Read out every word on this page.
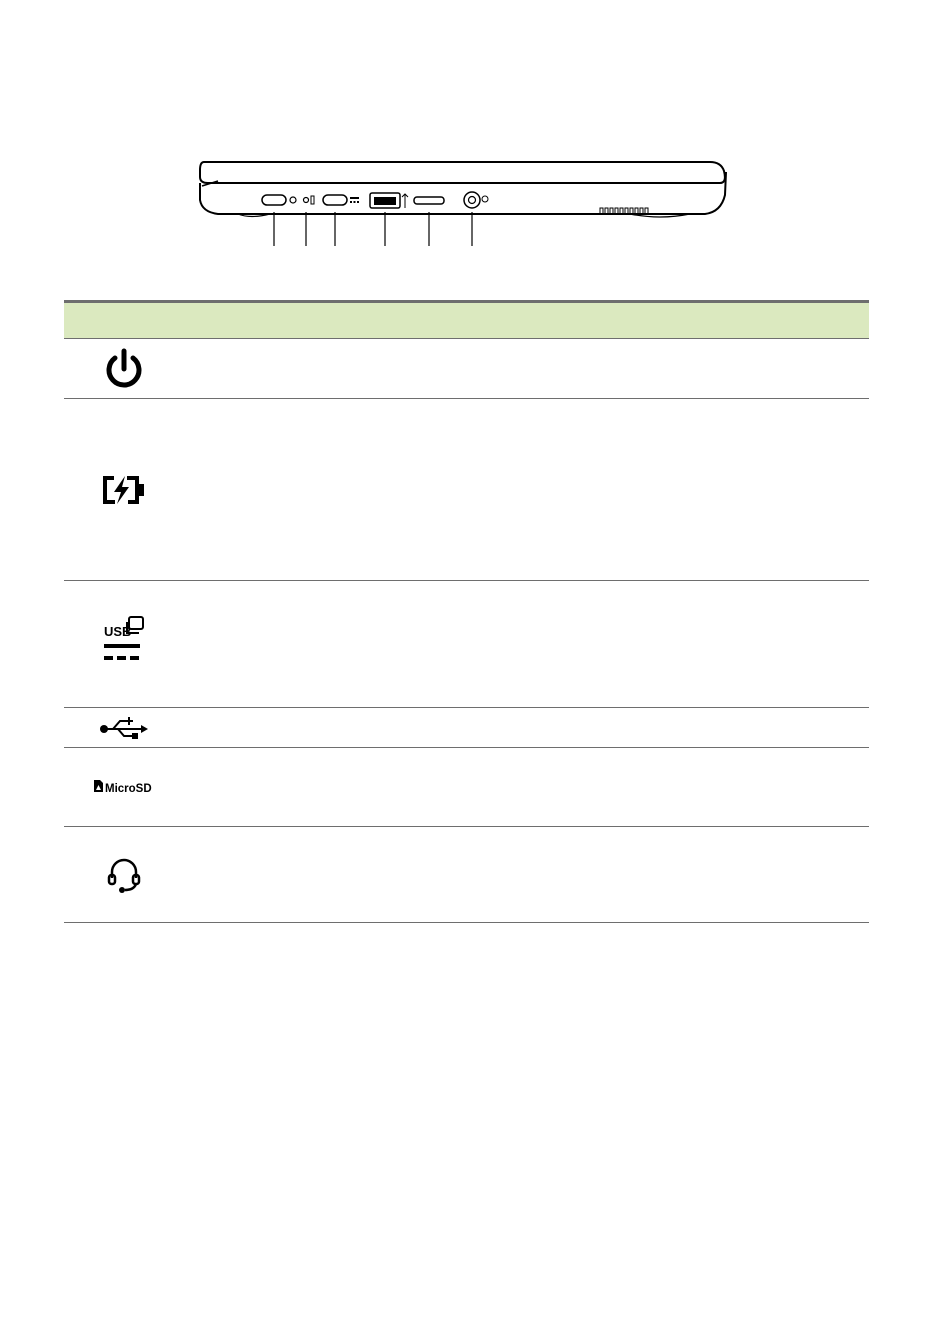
USB
MicroSD
